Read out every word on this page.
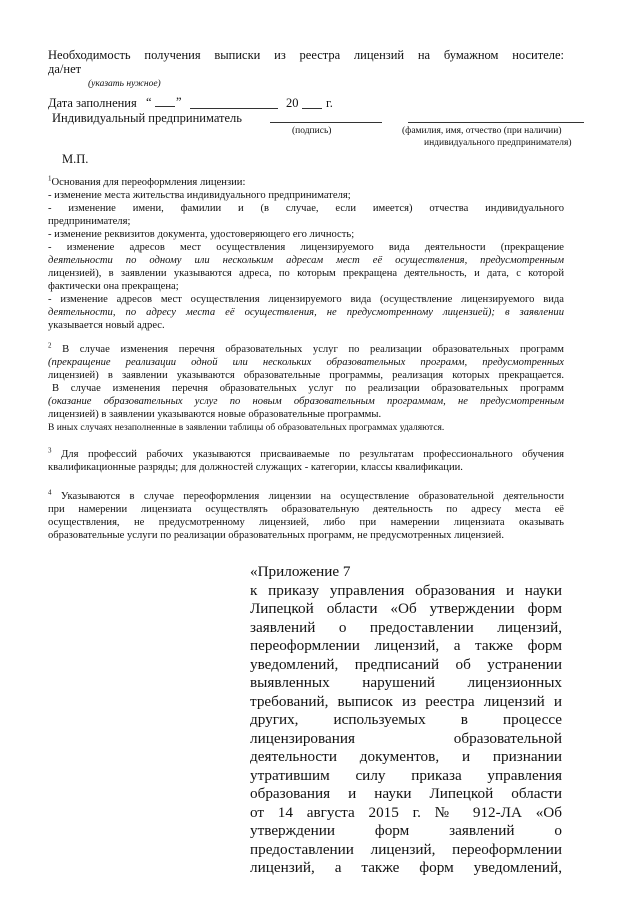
Необходимость получения выписки из реестра лицензий на бумажном носителе:
да/нет
(указать нужное)
Дата заполнения “ ”	20 г.
Индивидуальный предприниматель
(подпись)	(фамилия, имя, отчество (при наличии)
индивидуального предпринимателя)
М.П.
$^1$Основания для переоформления лицензии:
- изменение места жительства индивидуального предпринимателя;
- изменение имени, фамилии и (в случае, если имеется) отчества индивидуального
предпринимателя;
- изменение реквизитов документа, удостоверяющего его личность;
- изменение адресов мест осуществления лицензируемого вида деятельности (прекращение
деятельности по одному или нескольким адресам мест её осуществления, предусмотренным
лицензией), в заявлении указываются адреса, по которым прекращена деятельность, и дата, с которой
фактически она прекращена;
- изменение адресов мест осуществления лицензируемого вида (осуществление лицензируемого вида
деятельности, по адресу места её осуществления, не предусмотренному лицензией); в заявлении
указывается новый адрес.
$^2$ В случае изменения перечня образовательных услуг по реализации образовательных программ
(прекращение реализации одной или нескольких образовательных программ, предусмотренных
лицензией) в заявлении указываются образовательные программы, реализация которых прекращается.
В случае изменения перечня образовательных услуг по реализации образовательных программ
(оказание образовательных услуг по новым образовательным программам, не предусмотренным
лицензией) в заявлении указываются новые образовательные программы.
В иных случаях незаполненные в заявлении таблицы об образовательных программах удаляются.
$^3$ Для профессий рабочих указываются присваиваемые по результатам профессионального обучения
квалификационные разряды; для должностей служащих - категории, классы квалификации.
$^4$ Указываются в случае переоформления лицензии на осуществление образовательной деятельности
при намерении лицензиата осуществлять образовательную деятельность по адресу места её
осуществления, не предусмотренному лицензией, либо при намерении лицензиата оказывать
образовательные услуги по реализации образовательных программ, не предусмотренных лицензией.
«Приложение 7
к приказу управления образования и науки
Липецкой области «Об утверждении форм
заявлений о предоставлении лицензий,
переоформлении лицензий, а также форм
уведомлений, предписаний об устранении
выявленных нарушений лицензионных
требований, выписок из реестра лицензий и
других, используемых в процессе
лицензирования образовательной
деятельности документов, и признании
утратившим силу приказа управления
образования и науки Липецкой области
от 14 августа 2015 г. № 912-ЛА «Об
утверждении форм заявлений о
предоставлении лицензий, переоформлении
лицензий, а также форм уведомлений,
